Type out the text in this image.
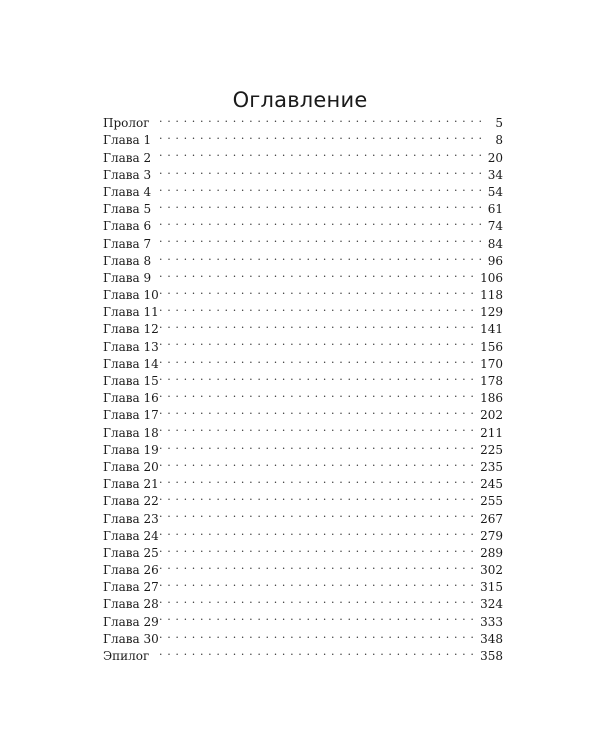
Оглавление
Пролог . . .	5
Глава 1 . . .	8
Глава 2 . . .	20
Глава 3 . . .	34
Глава 4 . . .	54
Глава 5 . . .	61
Глава 6 . . .	74
Глава 7 . . .	84
Глава 8 . . .	96
Глава 9 . . .	106
Глава 10 . . .	118
Глава 11 . . .	129
Глава 12 . . .	141
Глава 13 . . .	156
Глава 14 . . .	170
Глава 15 . . .	178
Глава 16 . . .	186
Глава 17 . . .	202
Глава 18 . . .	211
Глава 19 . . .	225
Глава 20 . . .	235
Глава 21 . . .	245
Глава 22 . . .	255
Глава 23 . . .	267
Глава 24 . . .	279
Глава 25 . . .	289
Глава 26 . . .	302
Глава 27 . . .	315
Глава 28 . . .	324
Глава 29 . . .	333
Глава 30 . . .	348
Эпилог . . .	358
